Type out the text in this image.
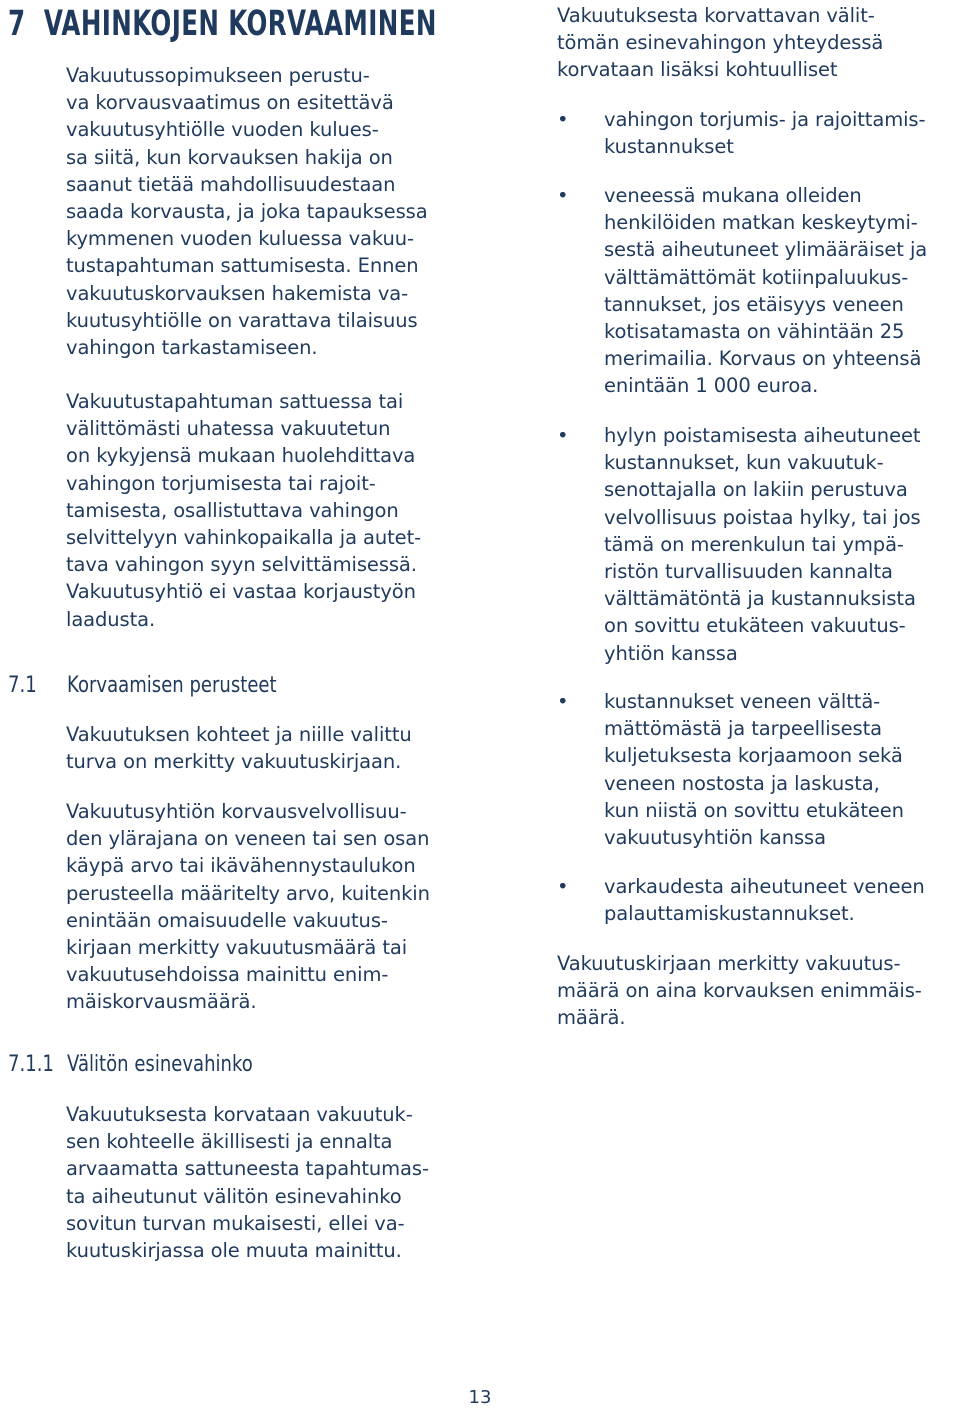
7 VAHINKOJEN KORVAAMINEN

Vakuutussopimukseen perustu-
va korvausvaatimus on esitettävä
vakuutusyhtiölle vuoden kulues-
sa siitä, kun korvauksen hakija on
saanut tietää mahdollisuudestaan
saada korvausta, ja joka tapauksessa
kymmenen vuoden kuluessa vakuu-
tustapahtuman sattumisesta. Ennen
vakuutuskorvauksen hakemista va-
kuutusyhtiölle on varattava tilaisuus
vahingon tarkastamiseen.

Vakuutustapahtuman sattuessa tai
välittömästi uhatessa vakuutetun
on kykyjensä mukaan huolehdittava
vahingon torjumisesta tai rajoit-
tamisesta, osallistuttava vahingon
selvittelyyn vahinkopaikalla ja autet-
tava vahingon syyn selvittämisessä.
Vakuutusyhtiö ei vastaa korjaustyön
laadusta.

7.1 Korvaamisen perusteet

Vakuutuksen kohteet ja niille valittu
turva on merkitty vakuutuskirjaan.

Vakuutusyhtiön korvausvelvollisuu-
den ylärajana on veneen tai sen osan
käypä arvo tai ikävähennystaulukon
perusteella määritelty arvo, kuitenkin
enintään omaisuudelle vakuutus-
kirjaan merkitty vakuutusmäärä tai
vakuutusehdoissa mainittu enim-
mäiskorvausmäärä.

7.1.1 Välitön esinevahinko

Vakuutuksesta korvataan vakuutuk-
sen kohteelle äkillisesti ja ennalta
arvaamatta sattuneesta tapahtumas-
ta aiheutunut välitön esinevahinko
sovitun turvan mukaisesti, ellei va-
kuutuskirjassa ole muuta mainittu.

Vakuutuksesta korvattavan välit-
tömän esinevahingon yhteydessä
korvataan lisäksi kohtuulliset

• vahingon torjumis- ja rajoittamis-
kustannukset
• veneessä mukana olleiden
henkilöiden matkan keskeytymi-
sestä aiheutuneet ylimääräiset ja
välttämättömät kotiinpaluukus-
tannukset, jos etäisyys veneen
kotisatamasta on vähintään 25
merimailia. Korvaus on yhteensä
enintään 1 000 euroa.
• hylyn poistamisesta aiheutuneet
kustannukset, kun vakuutuk-
senottajalla on lakiin perustuva
velvollisuus poistaa hylky, tai jos
tämä on merenkulun tai ympä-
ristön turvallisuuden kannalta
välttämätöntä ja kustannuksista
on sovittu etukäteen vakuutus-
yhtiön kanssa
• kustannukset veneen välttä-
mättömästä ja tarpeellisesta
kuljetuksesta korjaamoon sekä
veneen nostosta ja laskusta,
kun niistä on sovittu etukäteen
vakuutusyhtiön kanssa
• varkaudesta aiheutuneet veneen
palauttamiskustannukset.

Vakuutuskirjaan merkitty vakuutus-
määrä on aina korvauksen enimmäis-
määrä.

13
